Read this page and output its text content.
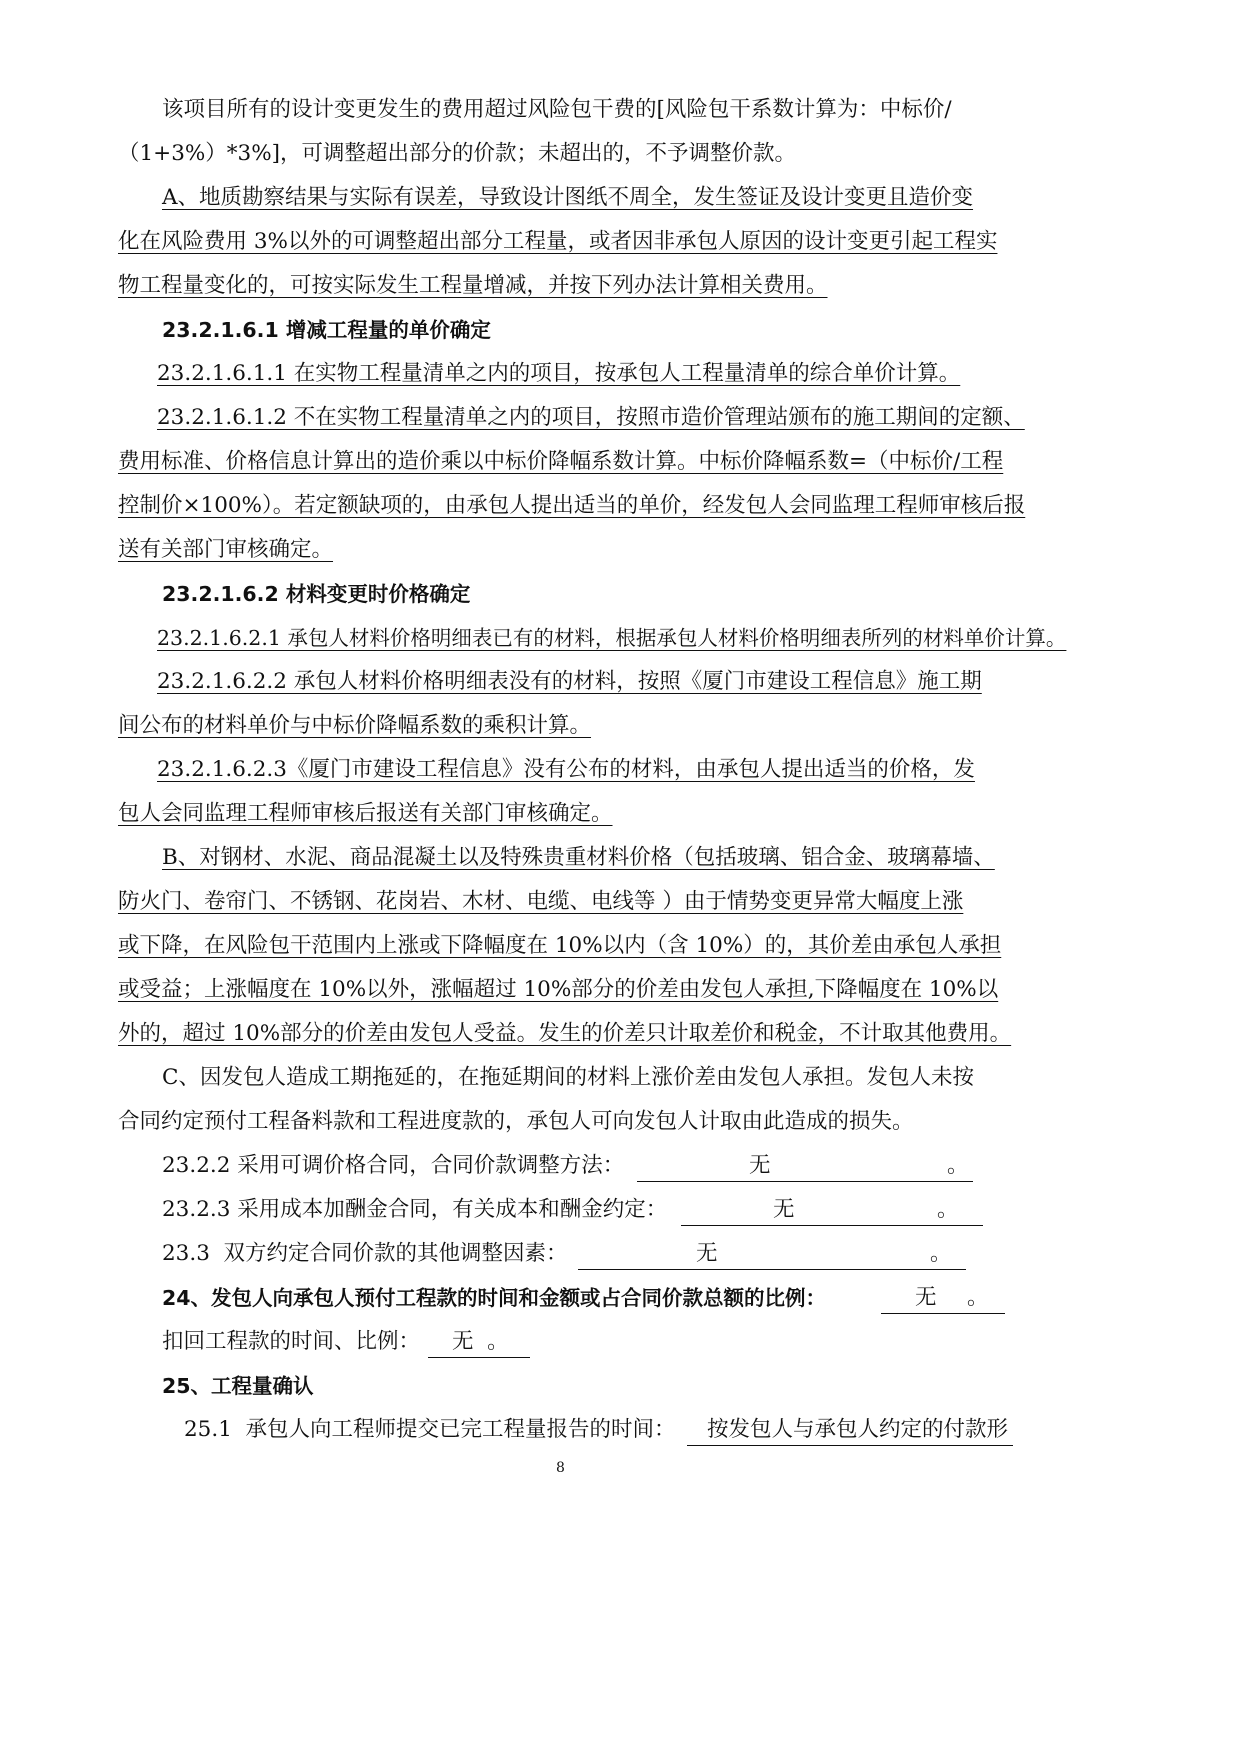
该项目所有的设计变更发生的费用超过风险包干费的[风险包干系数计算为：中标价/
（1+3%）*3%]，可调整超出部分的价款；未超出的，不予调整价款。
A、地质勘察结果与实际有误差，导致设计图纸不周全，发生签证及设计变更且造价变
化在风险费用 3%以外的可调整超出部分工程量，或者因非承包人原因的设计变更引起工程实
物工程量变化的，可按实际发生工程量增减，并按下列办法计算相关费用。
23.2.1.6.1 增减工程量的单价确定
23.2.1.6.1.1 在实物工程量清单之内的项目，按承包人工程量清单的综合单价计算。
23.2.1.6.1.2 不在实物工程量清单之内的项目，按照市造价管理站颁布的施工期间的定额、
费用标准、价格信息计算出的造价乘以中标价降幅系数计算。中标价降幅系数=（中标价/工程
控制价×100%）。若定额缺项的，由承包人提出适当的单价，经发包人会同监理工程师审核后报
送有关部门审核确定。
23.2.1.6.2 材料变更时价格确定
23.2.1.6.2.1 承包人材料价格明细表已有的材料，根据承包人材料价格明细表所列的材料单价计算。
23.2.1.6.2.2 承包人材料价格明细表没有的材料，按照《厦门市建设工程信息》施工期
间公布的材料单价与中标价降幅系数的乘积计算。
23.2.1.6.2.3《厦门市建设工程信息》没有公布的材料，由承包人提出适当的价格，发
包人会同监理工程师审核后报送有关部门审核确定。
B、对钢材、水泥、商品混凝土以及特殊贵重材料价格（包括玻璃、铝合金、玻璃幕墙、
防火门、卷帘门、不锈钢、花岗岩、木材、电缆、电线等 ）由于情势变更异常大幅度上涨
或下降，在风险包干范围内上涨或下降幅度在 10%以内（含 10%）的，其价差由承包人承担
或受益；上涨幅度在 10%以外，涨幅超过 10%部分的价差由发包人承担,下降幅度在 10%以
外的，超过 10%部分的价差由发包人受益。发生的价差只计取差价和税金，不计取其他费用。
C、因发包人造成工期拖延的，在拖延期间的材料上涨价差由发包人承担。发包人未按
合同约定预付工程备料款和工程进度款的，承包人可向发包人计取由此造成的损失。
23.2.2 采用可调价格合同，合同价款调整方法：	无	。
23.2.3 采用成本加酬金合同，有关成本和酬金约定：	无	。
23.3  双方约定合同价款的其他调整因素：	无	。
24、发包人向承包人预付工程款的时间和金额或占合同价款总额的比例：	无 。
扣回工程款的时间、比例： 无  。
25、工程量确认
25.1  承包人向工程师提交已完工程量报告的时间： 按发包人与承包人约定的付款形
8
